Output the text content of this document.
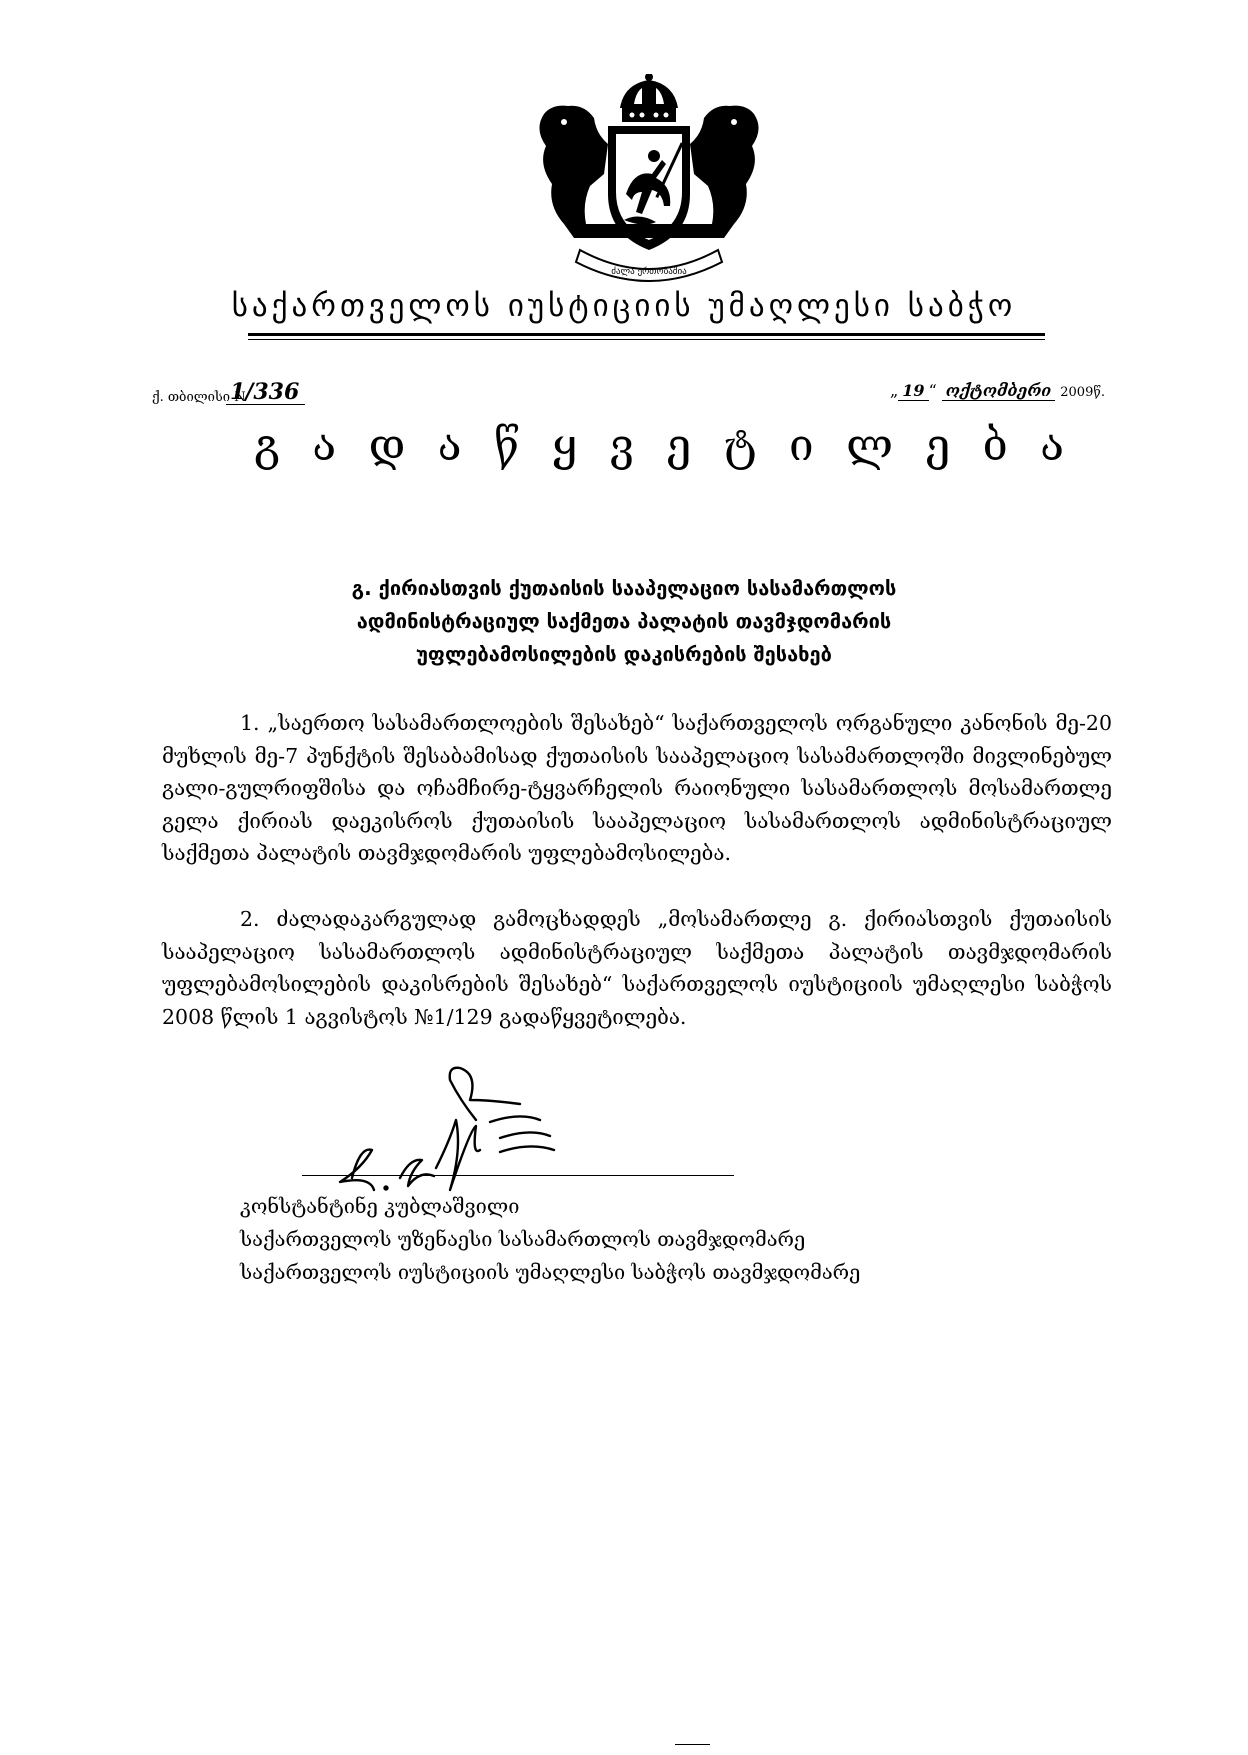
ძალა ერთობაშია
საქართველოს იუსტიციის უმაღლესი საბჭო
ქ. თბილისი N
1/336	„ 19 “ ოქტომბერი 2009წ.
გ ა დ ა წ ყ ვ ე ტ ი ლ ე ბ ა
გ. ქირიასთვის ქუთაისის სააპელაციო სასამართლოს
ადმინისტრაციულ საქმეთა პალატის თავმჯდომარის
უფლებამოსილების დაკისრების შესახებ

1. „საერთო სასამართლოების შესახებ“ საქართველოს ორგანული კანონის მე-20 მუხლის მე-7 პუნქტის შესაბამისად ქუთაისის სააპელაციო სასამართლოში მივლინებულ გალი-გულრიფშისა და ოჩამჩირე-ტყვარჩელის რაიონული სასამართლოს მოსამართლე გელა ქირიას დაეკისროს ქუთაისის სააპელაციო სასამართლოს ადმინისტრაციულ საქმეთა პალატის თავმჯდომარის უფლებამოსილება.

2. ძალადაკარგულად გამოცხადდეს „მოსამართლე გ. ქირიასთვის ქუთაისის სააპელაციო სასამართლოს ადმინისტრაციულ საქმეთა პალატის თავმჯდომარის უფლებამოსილების დაკისრების შესახებ“ საქართველოს იუსტიციის უმაღლესი საბჭოს 2008 წლის 1 აგვისტოს №1/129 გადაწყვეტილება.

კონსტანტინე კუბლაშვილი
საქართველოს უზენაესი სასამართლოს თავმჯდომარე
საქართველოს იუსტიციის უმაღლესი საბჭოს თავმჯდომარე
